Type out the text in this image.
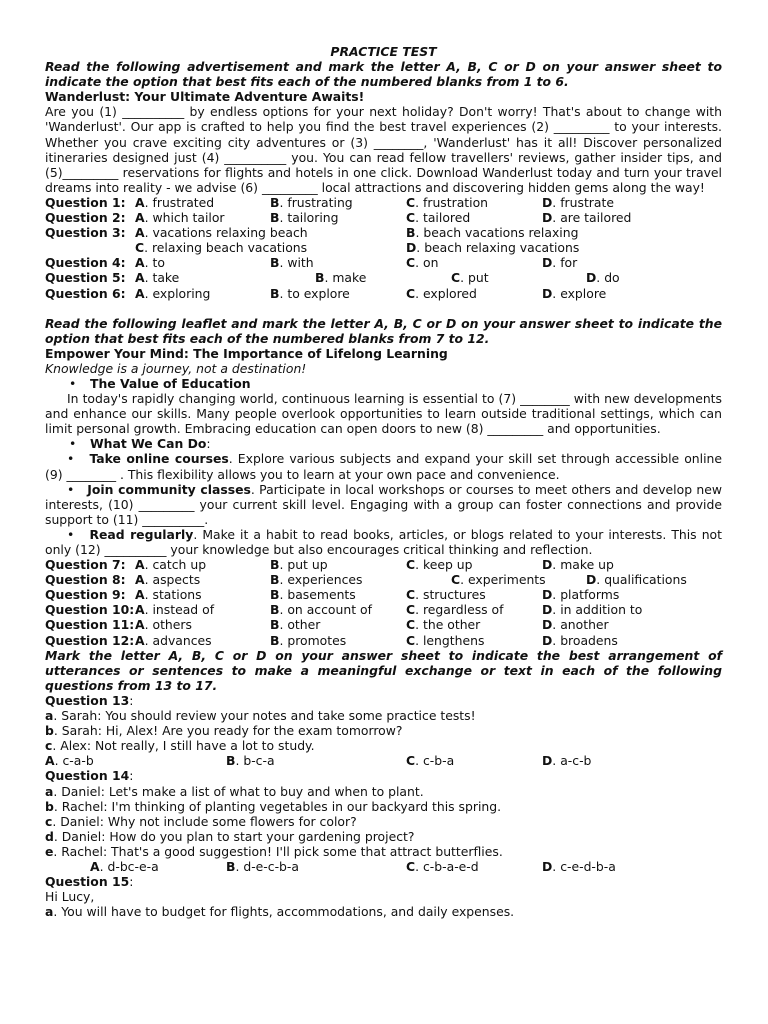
PRACTICE TEST
Read the following advertisement and mark the letter A, B, C or D on your answer sheet to indicate the option that best fits each of the numbered blanks from 1 to 6.
Wanderlust: Your Ultimate Adventure Awaits!
Are you (1) __________ by endless options for your next holiday? Don't worry! That's about to change with 'Wanderlust'. Our app is crafted to help you find the best travel experiences (2) _________ to your interests. Whether you crave exciting city adventures or (3) ________, 'Wanderlust' has it all! Discover personalized itineraries designed just (4) __________ you. You can read fellow travellers' reviews, gather insider tips, and (5)_________ reservations for flights and hotels in one click. Download Wanderlust today and turn your travel dreams into reality - we advise (6) _________ local attractions and discovering hidden gems along the way!
Question 1: A. frustrated	B. frustrating	C. frustration	D. frustrate
Question 2: A. which tailor	B. tailoring	C. tailored	D. are tailored
Question 3: A. vacations relaxing beach	B. beach vacations relaxing
C. relaxing beach vacations	D. beach relaxing vacations
Question 4: A. to	B. with	C. on	D. for
Question 5: A. take	B. make	C. put	D. do
Question 6: A. exploring	B. to explore	C. explored	D. explore
Read the following leaflet and mark the letter A, B, C or D on your answer sheet to indicate the option that best fits each of the numbered blanks from 7 to 12.
Empower Your Mind: The Importance of Lifelong Learning
Knowledge is a journey, not a destination!
• The Value of Education
In today's rapidly changing world, continuous learning is essential to (7) ________ with new developments and enhance our skills. Many people overlook opportunities to learn outside traditional settings, which can limit personal growth. Embracing education can open doors to new (8) _________ and opportunities.
• What We Can Do:
• Take online courses. Explore various subjects and expand your skill set through accessible online (9) ________ . This flexibility allows you to learn at your own pace and convenience.
• Join community classes. Participate in local workshops or courses to meet others and develop new interests, (10) _________ your current skill level. Engaging with a group can foster connections and provide support to (11) __________.
• Read regularly. Make it a habit to read books, articles, or blogs related to your interests. This not only (12) __________ your knowledge but also encourages critical thinking and reflection.
Question 7: A. catch up	B. put up	C. keep up	D. make up
Question 8: A. aspects	B. experiences	C. experiments	D. qualifications
Question 9: A. stations	B. basements	C. structures	D. platforms
Question 10: A. instead of	B. on account of	C. regardless of	D. in addition to
Question 11: A. others	B. other	C. the other	D. another
Question 12: A. advances	B. promotes	C. lengthens	D. broadens
Mark the letter A, B, C or D on your answer sheet to indicate the best arrangement of utterances or sentences to make a meaningful exchange or text in each of the following questions from 13 to 17.
Question 13:
a. Sarah: You should review your notes and take some practice tests!
b. Sarah: Hi, Alex! Are you ready for the exam tomorrow?
c. Alex: Not really, I still have a lot to study.
A. c-a-b	B. b-c-a	C. c-b-a	D. a-c-b
Question 14:
a. Daniel: Let's make a list of what to buy and when to plant.
b. Rachel: I'm thinking of planting vegetables in our backyard this spring.
c. Daniel: Why not include some flowers for color?
d. Daniel: How do you plan to start your gardening project?
e. Rachel: That's a good suggestion! I'll pick some that attract butterflies.
A. d-bc-e-a	B. d-e-c-b-a	C. c-b-a-e-d	D. c-e-d-b-a
Question 15:
Hi Lucy,
a. You will have to budget for flights, accommodations, and daily expenses.
